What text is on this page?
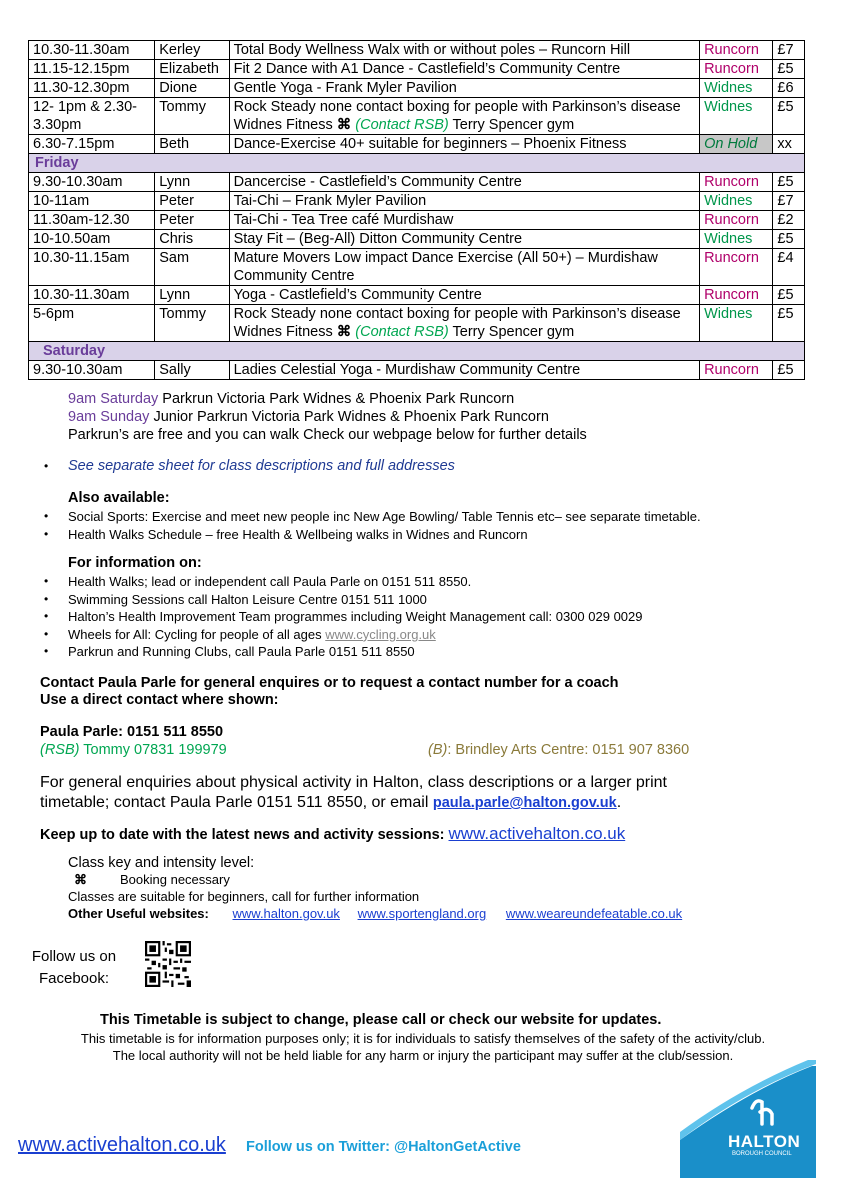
10.30-11.30am	Kerley	Total Body Wellness Walx with or without poles – Runcorn Hill	Runcorn	£7
11.15-12.15pm	Elizabeth	Fit 2 Dance with A1 Dance - Castlefield’s Community Centre	Runcorn	£5
11.30-12.30pm	Dione	Gentle Yoga - Frank Myler Pavilion	Widnes	£6
12- 1pm & 2.30-3.30pm	Tommy	Rock Steady none contact boxing for people with Parkinson’s disease Widnes Fitness ⌘ (Contact RSB) Terry Spencer gym	Widnes	£5
6.30-7.15pm	Beth	Dance-Exercise 40+ suitable for beginners – Phoenix Fitness	On Hold	xx
Friday				
9.30-10.30am	Lynn	Dancercise - Castlefield’s Community Centre	Runcorn	£5
10-11am	Peter	Tai-Chi – Frank Myler Pavilion	Widnes	£7
11.30am-12.30	Peter	Tai-Chi - Tea Tree café Murdishaw	Runcorn	£2
10-10.50am	Chris	Stay Fit – (Beg-All) Ditton Community Centre	Widnes	£5
10.30-11.15am	Sam	Mature Movers Low impact Dance Exercise (All 50+) – Murdishaw Community Centre	Runcorn	£4
10.30-11.30am	Lynn	Yoga - Castlefield’s Community Centre	Runcorn	£5
5-6pm	Tommy	Rock Steady none contact boxing for people with Parkinson’s disease Widnes Fitness ⌘ (Contact RSB) Terry Spencer gym	Widnes	£5
Saturday				
9.30-10.30am	Sally	Ladies Celestial Yoga - Murdishaw Community Centre	Runcorn	£5
9am Saturday Parkrun Victoria Park Widnes & Phoenix Park Runcorn
9am Sunday Junior Parkrun Victoria Park Widnes & Phoenix Park Runcorn
Parkrun’s are free and you can walk Check our webpage below for further details
• See separate sheet for class descriptions and full addresses
Also available:
• Social Sports: Exercise and meet new people inc New Age Bowling/ Table Tennis etc– see separate timetable.
• Health Walks Schedule – free Health & Wellbeing walks in Widnes and Runcorn
For information on:
• Health Walks; lead or independent call Paula Parle on 0151 511 8550.
• Swimming Sessions call Halton Leisure Centre 0151 511 1000
• Halton’s Health Improvement Team programmes including Weight Management call: 0300 029 0029
• Wheels for All: Cycling for people of all ages www.cycling.org.uk
• Parkrun and Running Clubs, call Paula Parle 0151 511 8550
Contact Paula Parle for general enquires or to request a contact number for a coach
Use a direct contact where shown:
Paula Parle: 0151 511 8550
(RSB) Tommy 07831 199979	(B): Brindley Arts Centre: 0151 907 8360
For general enquiries about physical activity in Halton, class descriptions or a larger print
timetable; contact Paula Parle 0151 511 8550, or email paula.parle@halton.gov.uk.
Keep up to date with the latest news and activity sessions: www.activehalton.co.uk
Class key and intensity level:
⌘	Booking necessary
Classes are suitable for beginners, call for further information
Other Useful websites: www.halton.gov.uk www.sportengland.org www.weareundefeatable.co.uk
Follow us on
Facebook:
This Timetable is subject to change, please call or check our website for updates.
This timetable is for information purposes only; it is for individuals to satisfy themselves of the safety of the activity/club.
The local authority will not be held liable for any harm or injury the participant may suffer at the club/session.
www.activehalton.co.uk Follow us on Twitter: @HaltonGetActive	HALTON
BOROUGH COUNCIL
